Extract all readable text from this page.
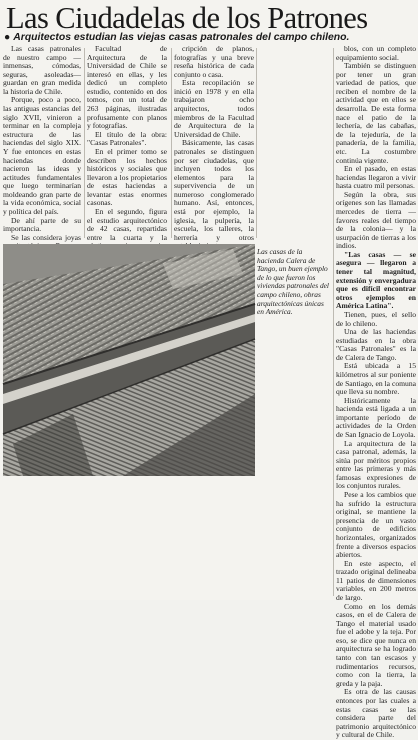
Las Ciudadelas de los Patrones
● Arquitectos estudian las viejas casas patronales del campo chileno.

Las casas patronales de nuestro campo —inmensas, cómodas, seguras, asoleadas— guardan en gran medida la historia de Chile.

Porque, poco a poco, las antiguas estancias del siglo XVII, vinieron a terminar en la compleja estructura de las haciendas del siglo XIX. Y fue entonces en estas haciendas donde nacieron las ideas y actitudes fundamentales que luego terminarían moldeando gran parte de la vida económica, social y política del país.

De ahí parte de su importancia.

Se las considera joyas

Facultad de Arquitectura de la Universidad de Chile se interesó en ellas, y les dedicó un completo estudio, contenido en dos tomos, con un total de 263 páginas, ilustradas profusamente con planos y fotografías.

El título de la obra: "Casas Patronales".

En el primer tomo se describen los hechos históricos y sociales que llevaron a los propietarios de estas haciendas a levantar estas enormes casonas.

En el segundo, figura el estudio arquitectónico de 42 casas, repartidas entre la cuarta y la

cripción de planos, fotografías y una breve reseña histórica de cada conjunto o casa.

Esta recopilación se inició en 1978 y en ella trabajaron ocho arquitectos, todos miembros de la Facultad de Arquitectura de la Universidad de Chile.

Básicamente, las casas patronales se distinguen por ser ciudadelas, que incluyen todos los elementos para la supervivencia de un numeroso conglomerado humano. Así, entonces, está por ejemplo, la iglesia, la pulpería, la escuela, los talleres, la herrería y otros

Las casas de la hacienda Calera de Tango, un buen ejemplo de lo que fueron los viviendas patronales del campo chileno, obras arquitectónicas únicas en América.

blos, con un completo equipamiento social.

También se distinguen por tener un gran variedad de patios, que reciben el nombre de la actividad que en ellos se desarrolla. De esta forma nace el patio de la lechería, de las cabañas, de la tejeduría, de la panadería, de la familia, etc. La costumbre continúa vigente.

En el pasado, en estas haciendas llegaron a vivir hasta cuatro mil personas.

Según la obra, sus orígenes son las llamadas mercedes de tierra —favores reales del tiempo de la colonia— y la usurpación de tierras a los indios.

"Las casas — se asegura — llegaron a tener tal magnitud, extensión y envergadura que es difícil encontrar otros ejemplos en América Latina".

Tienen, pues, el sello de lo chileno.

Una de las haciendas estudiadas en la obra "Casas Patronales" es la de Calera de Tango.

Está ubicada a 15 kilómetros al sur poniente de Santiago, en la comuna que lleva su nombre.

Históricamente la hacienda está ligada a un importante período de actividades de la Orden de San Ignacio de Loyola.

La arquitectura de la casa patronal, además, la sitúa por méritos propios entre las primeras y más famosas expresiones de los conjuntos rurales.

Pese a los cambios que ha sufrido la estructura original, se mantiene la presencia de un vasto conjunto de edificios horizontales, organizados frente a diversos espacios abiertos.

En este aspecto, el trazado original delineaba 11 patios de dimensiones variables, en 200 metros de largo.

Como en los demás casos, en el de Calera de Tango el material usado fue el adobe y la teja. Por eso, se dice que nunca en arquitectura se ha logrado tanto con tan escasos y rudimentarios recursos, como con la tierra, la greda y la paja.

Es otra de las causas entonces por las cuales a estas casas se las considera parte del patrimonio arquitectónico y cultural de Chile.
